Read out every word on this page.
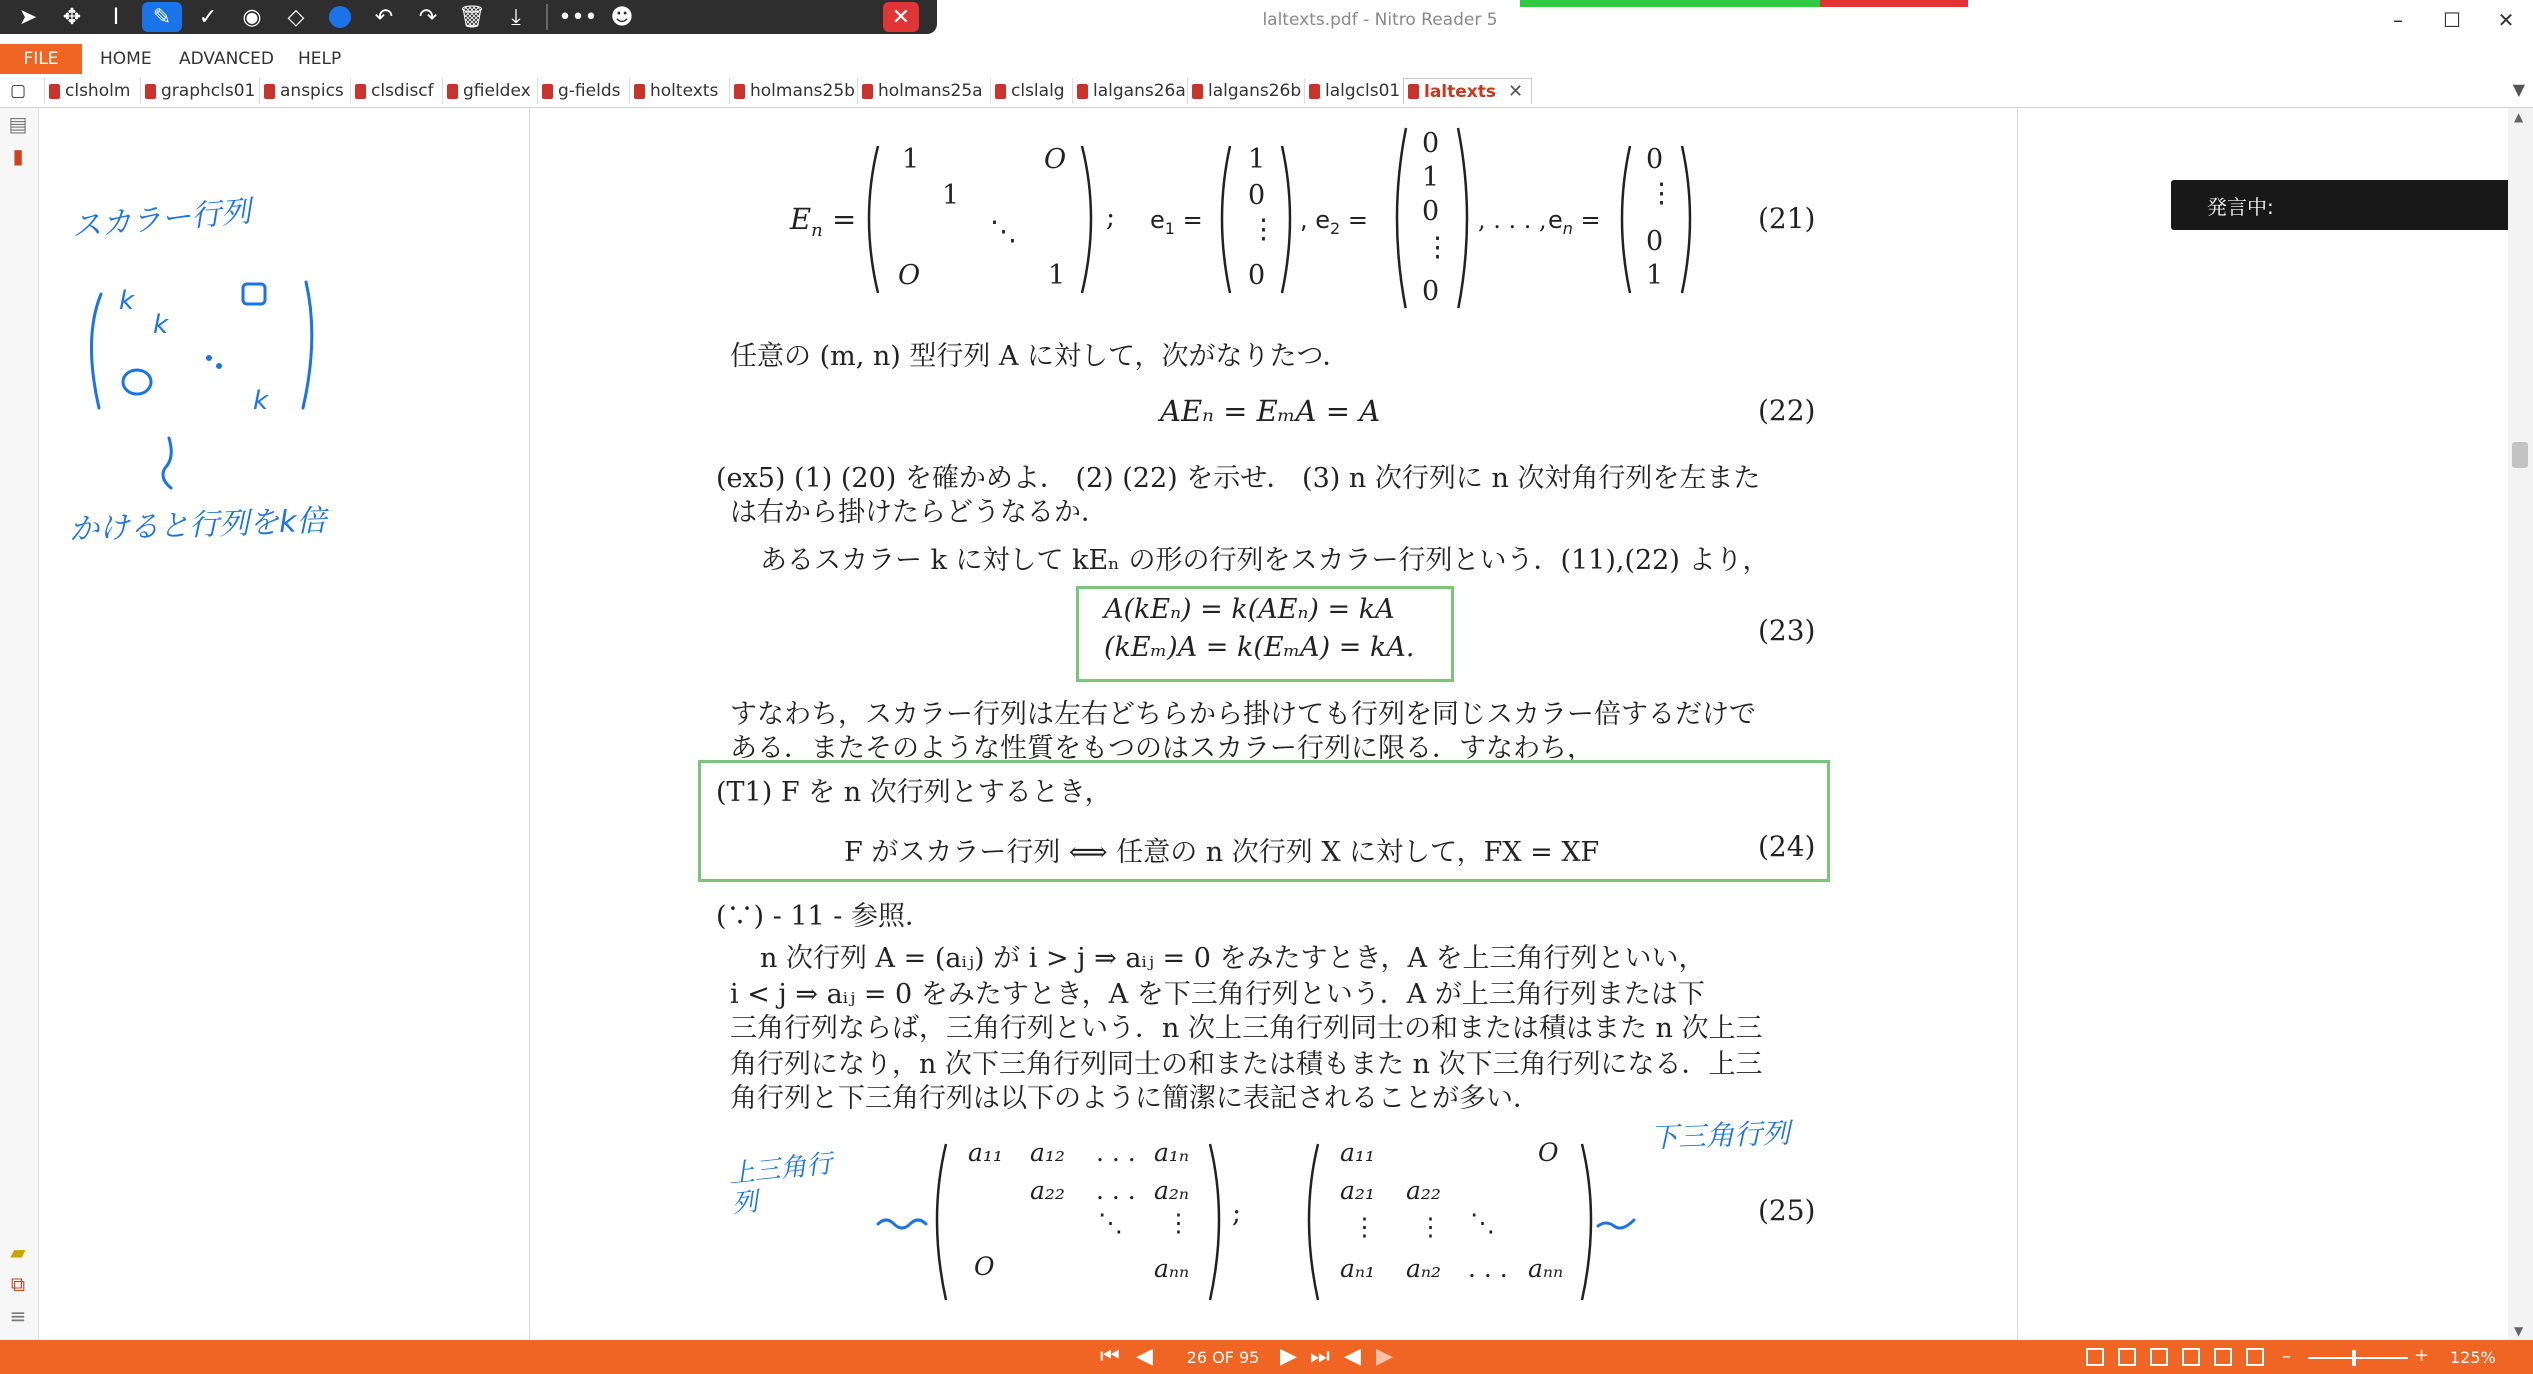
➤	✥	I	✎	✓	◉	◇	↶	↷ 🗑	⤓	••• ☻	✕	laltexts.pdf - Nitro Reader 5	–	☐	✕
FILE	HOME ADVANCED HELP
▢	clsholm graphcls01 anspics clsdiscf gfieldex g-fields holtexts holmans25b holmans25a clslalg lalgans26a lalgans26b lalgcls01 laltexts ✕	▼
▤
▮
▰
⧉
≡
スカラー行列
k
k
k
かけると行列をk倍
$E_n$ =
1	O
1
⋱
O	1
; $e_1$ =
1
0
⋮
0
, $e_2$ =
0
1
0
⋮
0
, . . . , $e_n$ =
0
⋮
0
1
(21)
任意の (m, n) 型行列 A に対して，次がなりたつ．
AEₙ = EₘA = A	(22)
(ex5) (1) (20) を確かめよ． (2) (22) を示せ． (3) n 次行列に n 次対角行列を左また
は右から掛けたらどうなるか．
あるスカラー k に対して kEₙ の形の行列をスカラー行列という．(11),(22) より，
A(kEₙ) = k(AEₙ) = kA
(kEₘ)A = k(EₘA) = kA.
(23)
すなわち，スカラー行列は左右どちらから掛けても行列を同じスカラー倍するだけで
ある．またそのような性質をもつのはスカラー行列に限る．すなわち，
(T1) F を n 次行列とするとき，
F がスカラー行列 ⟺ 任意の n 次行列 X に対して，FX = XF	(24)
(∵) - 11 - 参照．
n 次行列 A = (aᵢⱼ) が i > j ⇒ aᵢⱼ = 0 をみたすとき，A を上三角行列といい，
i < j ⇒ aᵢⱼ = 0 をみたすとき，A を下三角行列という．A が上三角行列または下
三角行列ならば，三角行列という．n 次上三角行列同士の和または積はまた n 次上三
角行列になり，n 次下三角行列同士の和または積もまた n 次下三角行列になる．上三
角行列と下三角行列は以下のように簡潔に表記されることが多い．
a₁₁ a₁₂ . . . a₁ₙ
a₂₂ . . . a₂ₙ
⋱ ⋮
O	aₙₙ
;
a₁₁	O
a₂₁ a₂₂
⋮ ⋮ ⋱
aₙ₁ aₙ₂ . . . aₙₙ
(25)
上三角行列
下三角行列
発言中:
▲
▼
⏮ ◀	26 OF 95 ▶ ⏭ ◀ ▶	–	+ 125%
